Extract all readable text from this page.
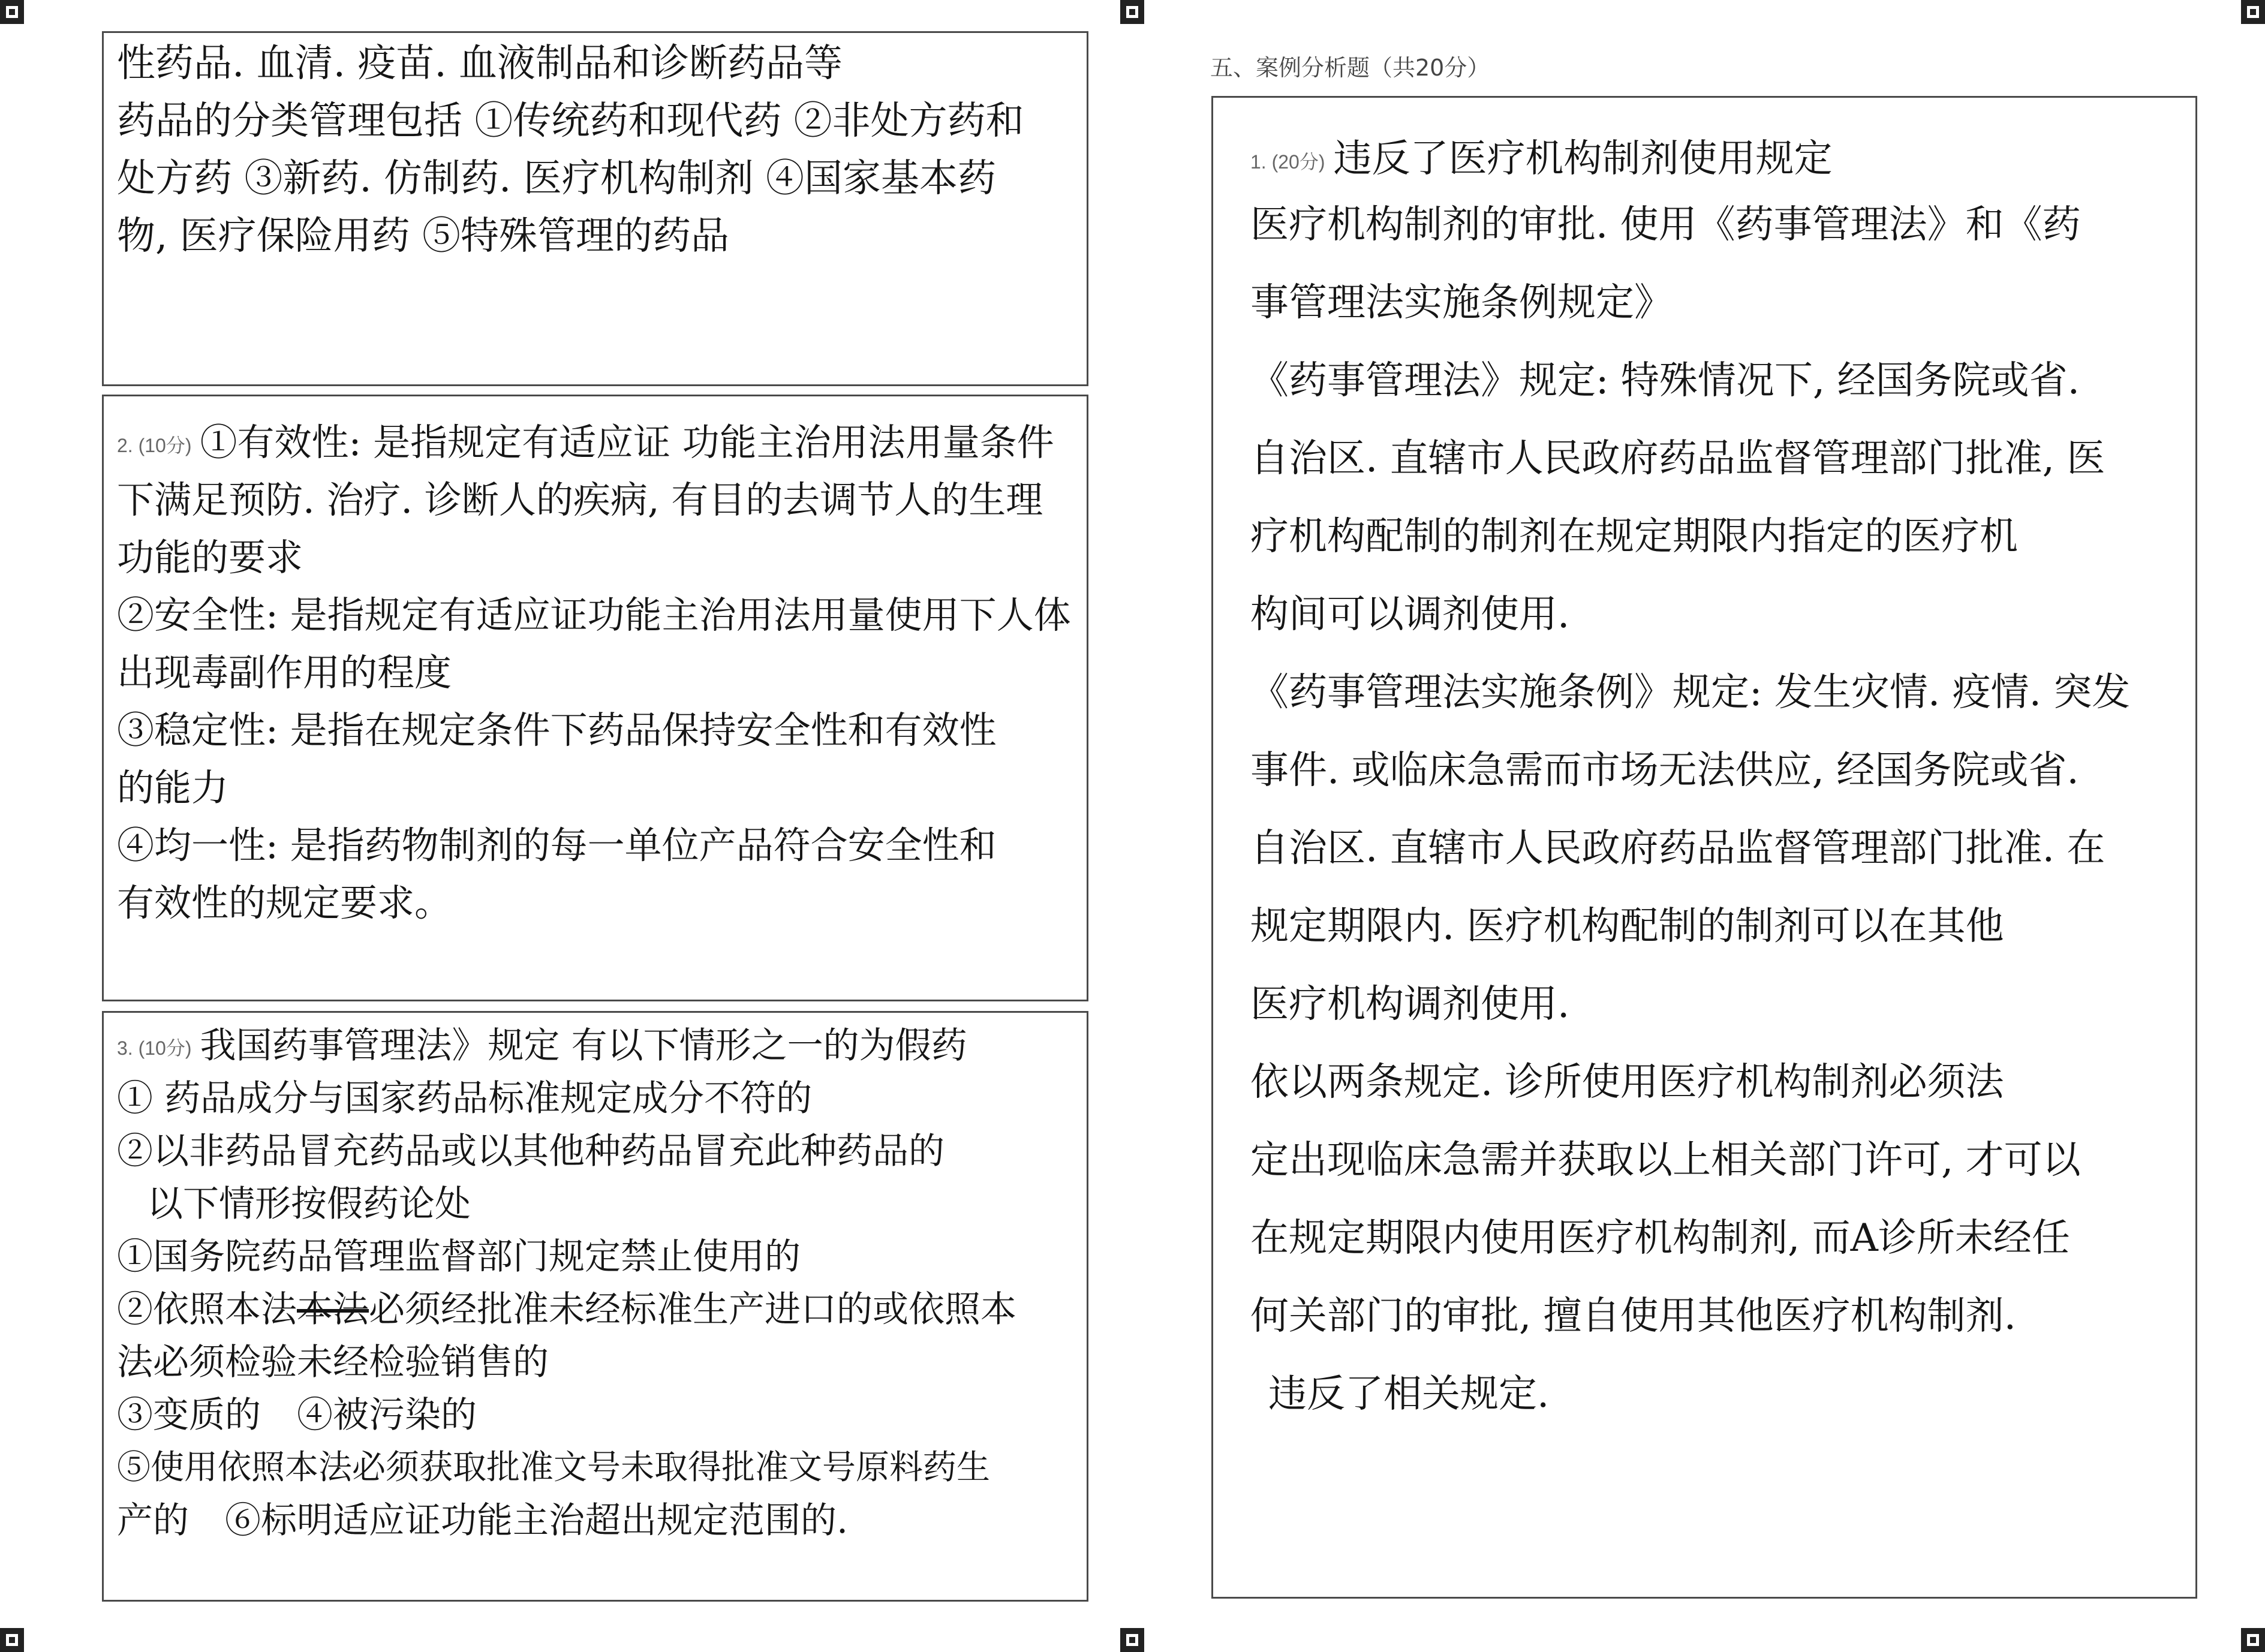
五、案例分析题（共20分）
性药品. 血清. 疫苗. 血液制品和诊断药品等
药品的分类管理包括 ①传统药和现代药 ②非处方药和
处方药 ③新药. 仿制药. 医疗机构制剂 ④国家基本药
物, 医疗保险用药 ⑤特殊管理的药品
2. (10分) ①有效性: 是指规定有适应证 功能主治用法用量条件
下满足预防. 治疗. 诊断人的疾病, 有目的去调节人的生理
功能的要求
②安全性: 是指规定有适应证功能主治用法用量使用下人体
出现毒副作用的程度
③稳定性: 是指在规定条件下药品保持安全性和有效性
的能力
④均一性: 是指药物制剂的每一单位产品符合安全性和
有效性的规定要求。
3. (10分) 我国药事管理法》规定 有以下情形之一的为假药
① 药品成分与国家药品标准规定成分不符的
②以非药品冒充药品或以其他种药品冒充此种药品的
以下情形按假药论处
①国务院药品管理监督部门规定禁止使用的
②依照本法本法必须经批准未经标准生产进口的或依照本
法必须检验未经检验销售的
③变质的　④被污染的
⑤使用依照本法必须获取批准文号未取得批准文号原料药生
产的　⑥标明适应证功能主治超出规定范围的.
1. (20分) 违反了医疗机构制剂使用规定
医疗机构制剂的审批. 使用《药事管理法》和《药
事管理法实施条例规定》
《药事管理法》规定: 特殊情况下, 经国务院或省.
自治区. 直辖市人民政府药品监督管理部门批准, 医
疗机构配制的制剂在规定期限内指定的医疗机
构间可以调剂使用.
《药事管理法实施条例》规定: 发生灾情. 疫情. 突发
事件. 或临床急需而市场无法供应, 经国务院或省.
自治区. 直辖市人民政府药品监督管理部门批准. 在
规定期限内. 医疗机构配制的制剂可以在其他
医疗机构调剂使用.
依以两条规定. 诊所使用医疗机构制剂必须法
定出现临床急需并获取以上相关部门许可, 才可以
在规定期限内使用医疗机构制剂, 而A诊所未经任
何关部门的审批, 擅自使用其他医疗机构制剂.
违反了相关规定.
